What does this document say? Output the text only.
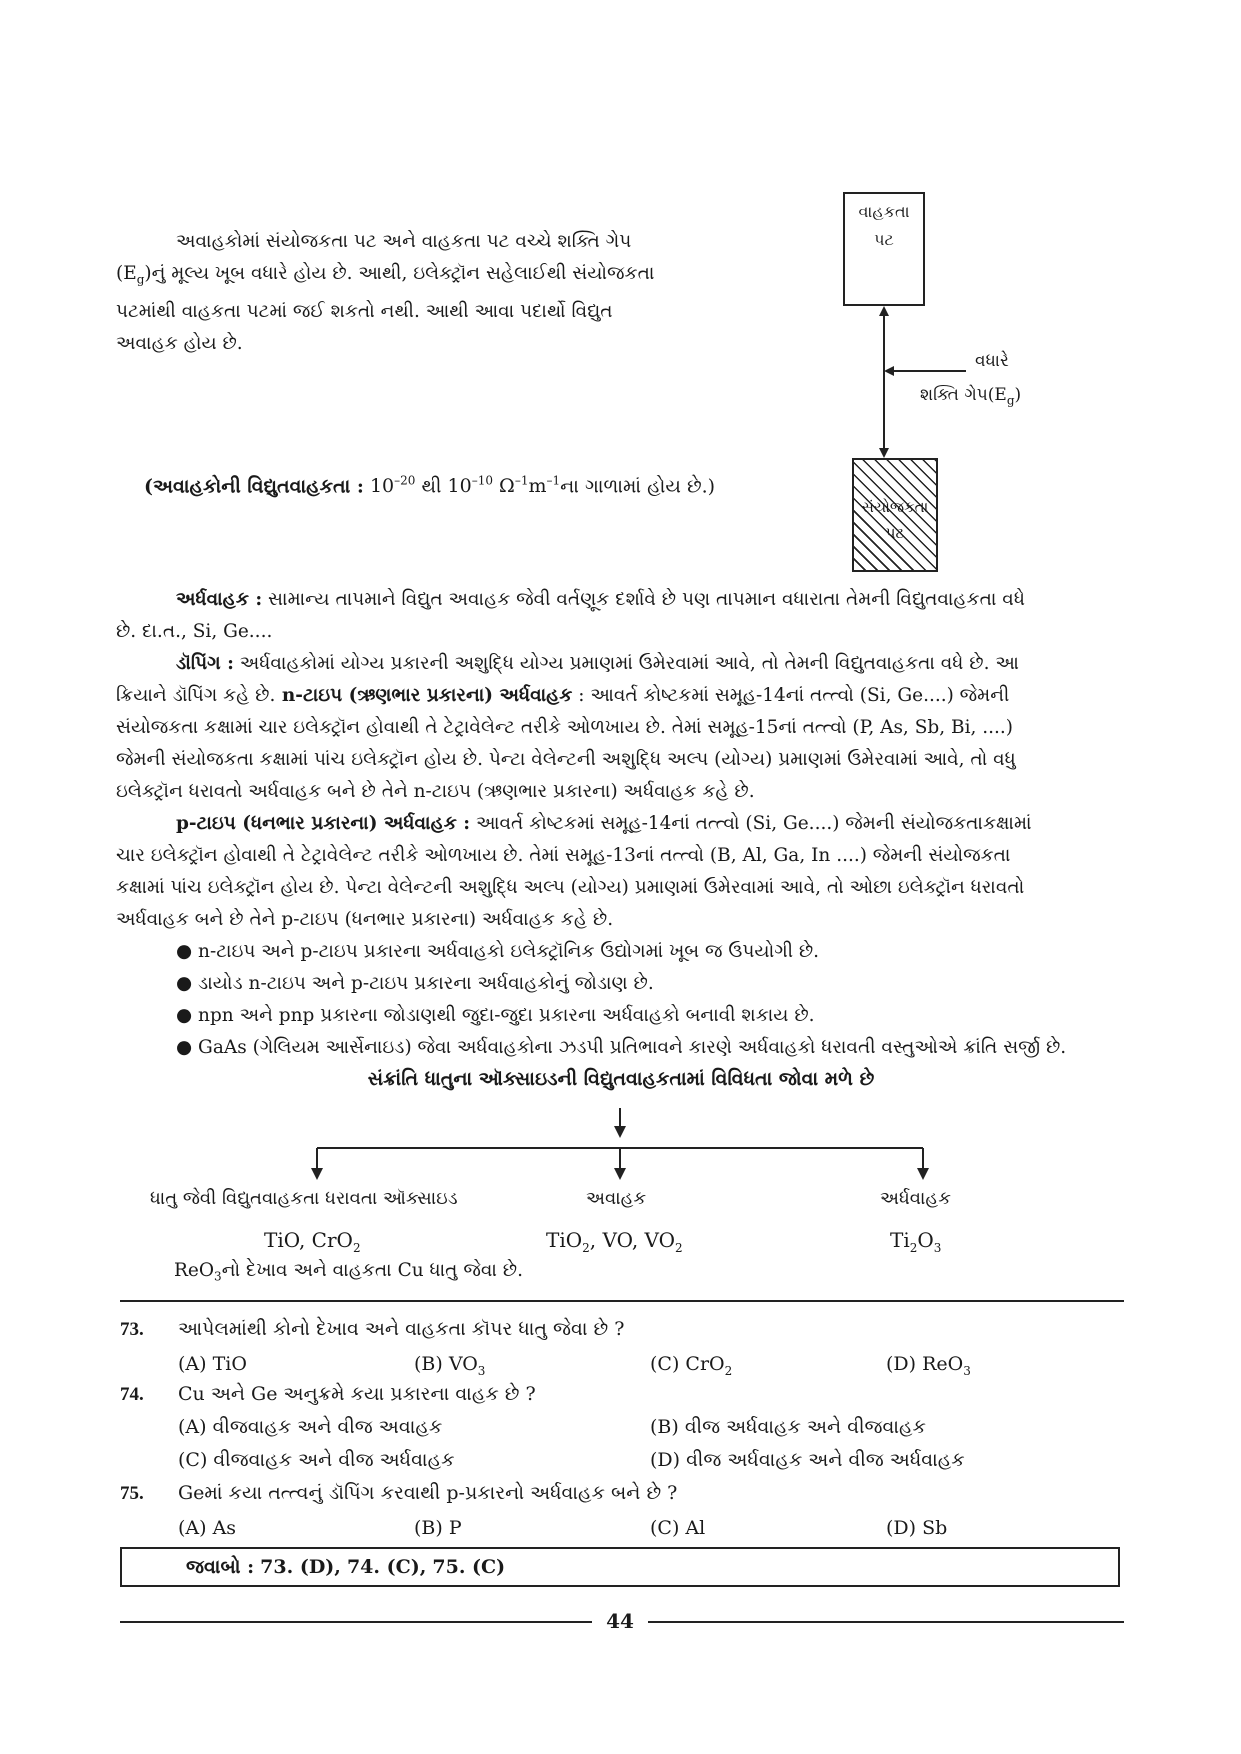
અવાહકોમાં સંયોજકતા પટ અને વાહકતા પટ વચ્ચે શક્તિ ગેપ
$(E_g)નું$ મૂલ્ય ખૂબ વધારે હોય છે. આથી, ઇલેક્ટ્રૉન સહેલાઈથી સંયોજકતા
પટમાંથી વાહકતા પટમાં જઈ શકતો નથી. આથી આવા પદાર્થો વિદ્યુત
અવાહક હોય છે.
વાહકતા
પટ
વધારે
શક્તિ $ગેપ(E_g)$
સંયોજકતા
પટ
(અવાહકોની વિદ્યુતવાહકતા : $10^{-20}$ થી $10^{-10}$ $\Omega^{-1}m^{-1}ના$ ગાળામાં હોય છે.)
અર્ધવાહક : સામાન્ય તાપમાને વિદ્યુત અવાહક જેવી વર્તણૂક દર્શાવે છે પણ તાપમાન વધારાતા તેમની વિદ્યુતવાહકતા વધે
છે. દા.ત., Si, Ge....
ડૉપિંગ : અર્ધવાહકોમાં યોગ્ય પ્રકારની અશુદ્ધિ યોગ્ય પ્રમાણમાં ઉમેરવામાં આવે, તો તેમની વિદ્યુતવાહકતા વધે છે. આ
ક્રિયાને ડૉપિંગ કહે છે. n-ટાઇપ (ઋણભાર પ્રકારના) અર્ધવાહક : આવર્ત કોષ્ટકમાં સમૂહ-14નાં તત્ત્વો (Si, Ge....) જેમની
સંયોજકતા કક્ષામાં ચાર ઇલેક્ટ્રૉન હોવાથી તે ટેટ્રાવેલેન્ટ તરીકે ઓળખાય છે. તેમાં સમૂહ-15નાં તત્ત્વો (P, As, Sb, Bi, ....)
જેમની સંયોજકતા કક્ષામાં પાંચ ઇલેક્ટ્રૉન હોય છે. પેન્ટા વેલેન્ટની અશુદ્ધિ અલ્પ (યોગ્ય) પ્રમાણમાં ઉમેરવામાં આવે, તો વધુ
ઇલેક્ટ્રૉન ધરાવતો અર્ધવાહક બને છે તેને n-ટાઇપ (ઋણભાર પ્રકારના) અર્ધવાહક કહે છે.
p-ટાઇપ (ધનભાર પ્રકારના) અર્ધવાહક : આવર્ત કોષ્ટકમાં સમૂહ-14નાં તત્ત્વો (Si, Ge....) જેમની સંયોજકતાકક્ષામાં
ચાર ઇલેક્ટ્રૉન હોવાથી તે ટેટ્રાવેલેન્ટ તરીકે ઓળખાય છે. તેમાં સમૂહ-13નાં તત્ત્વો (B, Al, Ga, In ....) જેમની સંયોજકતા
કક્ષામાં પાંચ ઇલેક્ટ્રૉન હોય છે. પેન્ટા વેલેન્ટની અશુદ્ધિ અલ્પ (યોગ્ય) પ્રમાણમાં ઉમેરવામાં આવે, તો ઓછા ઇલેક્ટ્રૉન ધરાવતો
અર્ધવાહક બને છે તેને p-ટાઇપ (ધનભાર પ્રકારના) અર્ધવાહક કહે છે.
● n-ટાઇપ અને p-ટાઇપ પ્રકારના અર્ધવાહકો ઇલેક્ટ્રૉનિક ઉદ્યોગમાં ખૂબ જ ઉપયોગી છે.
● ડાયોડ n-ટાઇપ અને p-ટાઇપ પ્રકારના અર્ધવાહકોનું જોડાણ છે.
● npn અને pnp પ્રકારના જોડાણથી જુદા-જુદા પ્રકારના અર્ધવાહકો બનાવી શકાય છે.
● GaAs (ગેલિયમ આર્સેનાઇડ) જેવા અર્ધવાહકોના ઝડપી પ્રતિભાવને કારણે અર્ધવાહકો ધરાવતી વસ્તુઓએ ક્રાંતિ સર્જી છે.
સંક્રાંતિ ધાતુના ઑક્સાઇડની વિદ્યુતવાહકતામાં વિવિધતા જોવા મળે છે
ધાતુ જેવી વિદ્યુતવાહકતા ધરાવતા ઑક્સાઇડ	અવાહક	અર્ધવાહક
TiO, CrO$_2$	TiO$_2$, VO, $VO_2$	$Ti_2O_3$
ReO$_3$નો દેખાવ અને વાહકતા Cu ધાતુ જેવા છે.
73. આપેલમાંથી કોનો દેખાવ અને વાહકતા કૉપર ધાતુ જેવા છે ?
(A) TiO	(B) $VO_3$	(C) CrO$_2$	(D) ReO$_3$
74. Cu અને Ge અનુક્રમે કયા પ્રકારના વાહક છે ?
(A) વીજવાહક અને વીજ અવાહક	(B) વીજ અર્ધવાહક અને વીજવાહક
(C) વીજવાહક અને વીજ અર્ધવાહક	(D) વીજ અર્ધવાહક અને વીજ અર્ધવાહક
75. Geમાં કયા તત્ત્વનું ડૉપિંગ કરવાથી p-પ્રકારનો અર્ધવાહક બને છે ?
(A) As	(B) P	(C) Al	(D) Sb
જવાબો : 73. (D), 74. (C), 75. (C)
44
